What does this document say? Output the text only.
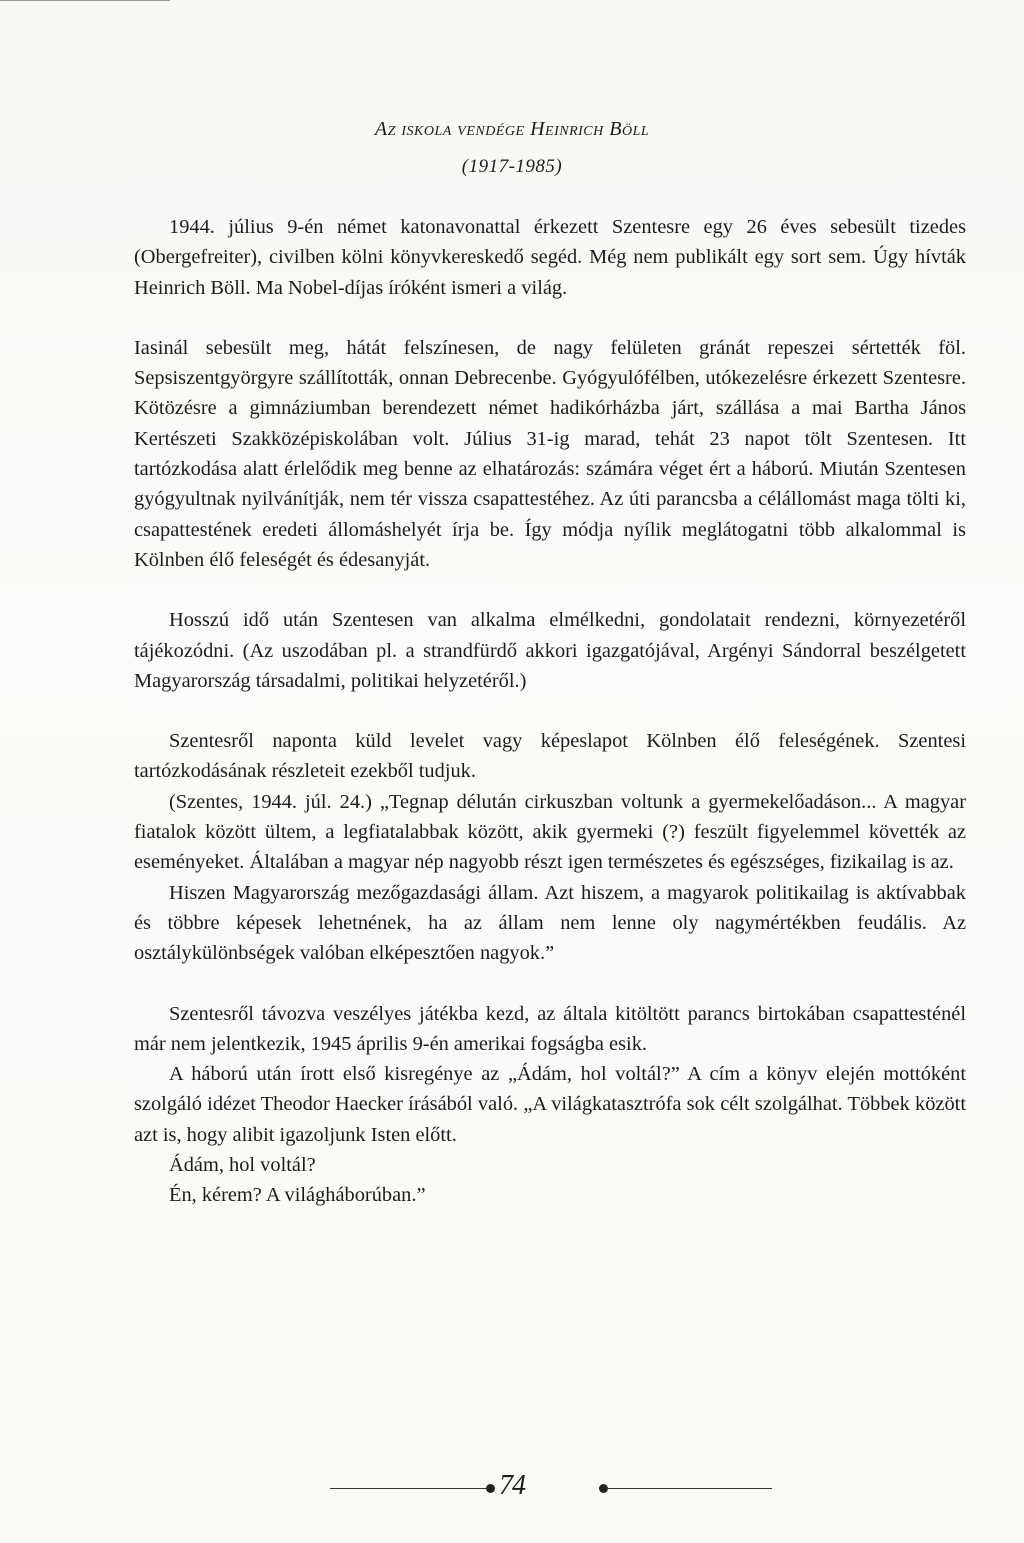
Az iskola vendége Heinrich Böll
(1917-1985)

1944. július 9-én német katonavonattal érkezett Szentesre egy 26 éves sebesült tizedes (Obergefreiter), civilben kölni könyvkereskedő segéd. Még nem publikált egy sort sem. Úgy hívták Heinrich Böll. Ma Nobel-díjas íróként ismeri a világ.

Iasinál sebesült meg, hátát felszínesen, de nagy felületen gránát repeszei sértették föl. Sepsiszentgyörgyre szállították, onnan Debrecenbe. Gyógyulófélben, utókezelésre érkezett Szentesre. Kötözésre a gimnáziumban berendezett német hadikórházba járt, szállása a mai Bartha János Kertészeti Szakközépiskolában volt. Július 31-ig marad, tehát 23 napot tölt Szentesen. Itt tartózkodása alatt érlelődik meg benne az elhatározás: számára véget ért a háború. Miután Szentesen gyógyultnak nyilvánítják, nem tér vissza csapattestéhez. Az úti parancsba a célállomást maga tölti ki, csapattestének eredeti állomáshelyét írja be. Így módja nyílik meglátogatni több alkalommal is Kölnben élő feleségét és édesanyját.

Hosszú idő után Szentesen van alkalma elmélkedni, gondolatait rendezni, környezetéről tájékozódni. (Az uszodában pl. a strandfürdő akkori igazgatójával, Argényi Sándorral beszélgetett Magyarország társadalmi, politikai helyzetéről.)

Szentesről naponta küld levelet vagy képeslapot Kölnben élő feleségének. Szentesi tartózkodásának részleteit ezekből tudjuk.

(Szentes, 1944. júl. 24.) „Tegnap délután cirkuszban voltunk a gyermekelőadáson... A magyar fiatalok között ültem, a legfiatalabbak között, akik gyermeki (?) feszült figyelemmel követték az eseményeket. Általában a magyar nép nagyobb részt igen természetes és egészséges, fizikailag is az.

Hiszen Magyarország mezőgazdasági állam. Azt hiszem, a magyarok politikailag is aktívabbak és többre képesek lehetnének, ha az állam nem lenne oly nagymértékben feudális. Az osztálykülönbségek valóban elképesztően nagyok.”

Szentesről távozva veszélyes játékba kezd, az általa kitöltött parancs birtokában csapattesténél már nem jelentkezik, 1945 április 9-én amerikai fogságba esik.

A háború után írott első kisregénye az „Ádám, hol voltál?” A cím a könyv elején mottóként szolgáló idézet Theodor Haecker írásából való. „A világkatasztrófa sok célt szolgálhat. Többek között azt is, hogy alibit igazoljunk Isten előtt.

Ádám, hol voltál?

Én, kérem? A világháborúban.”

74
